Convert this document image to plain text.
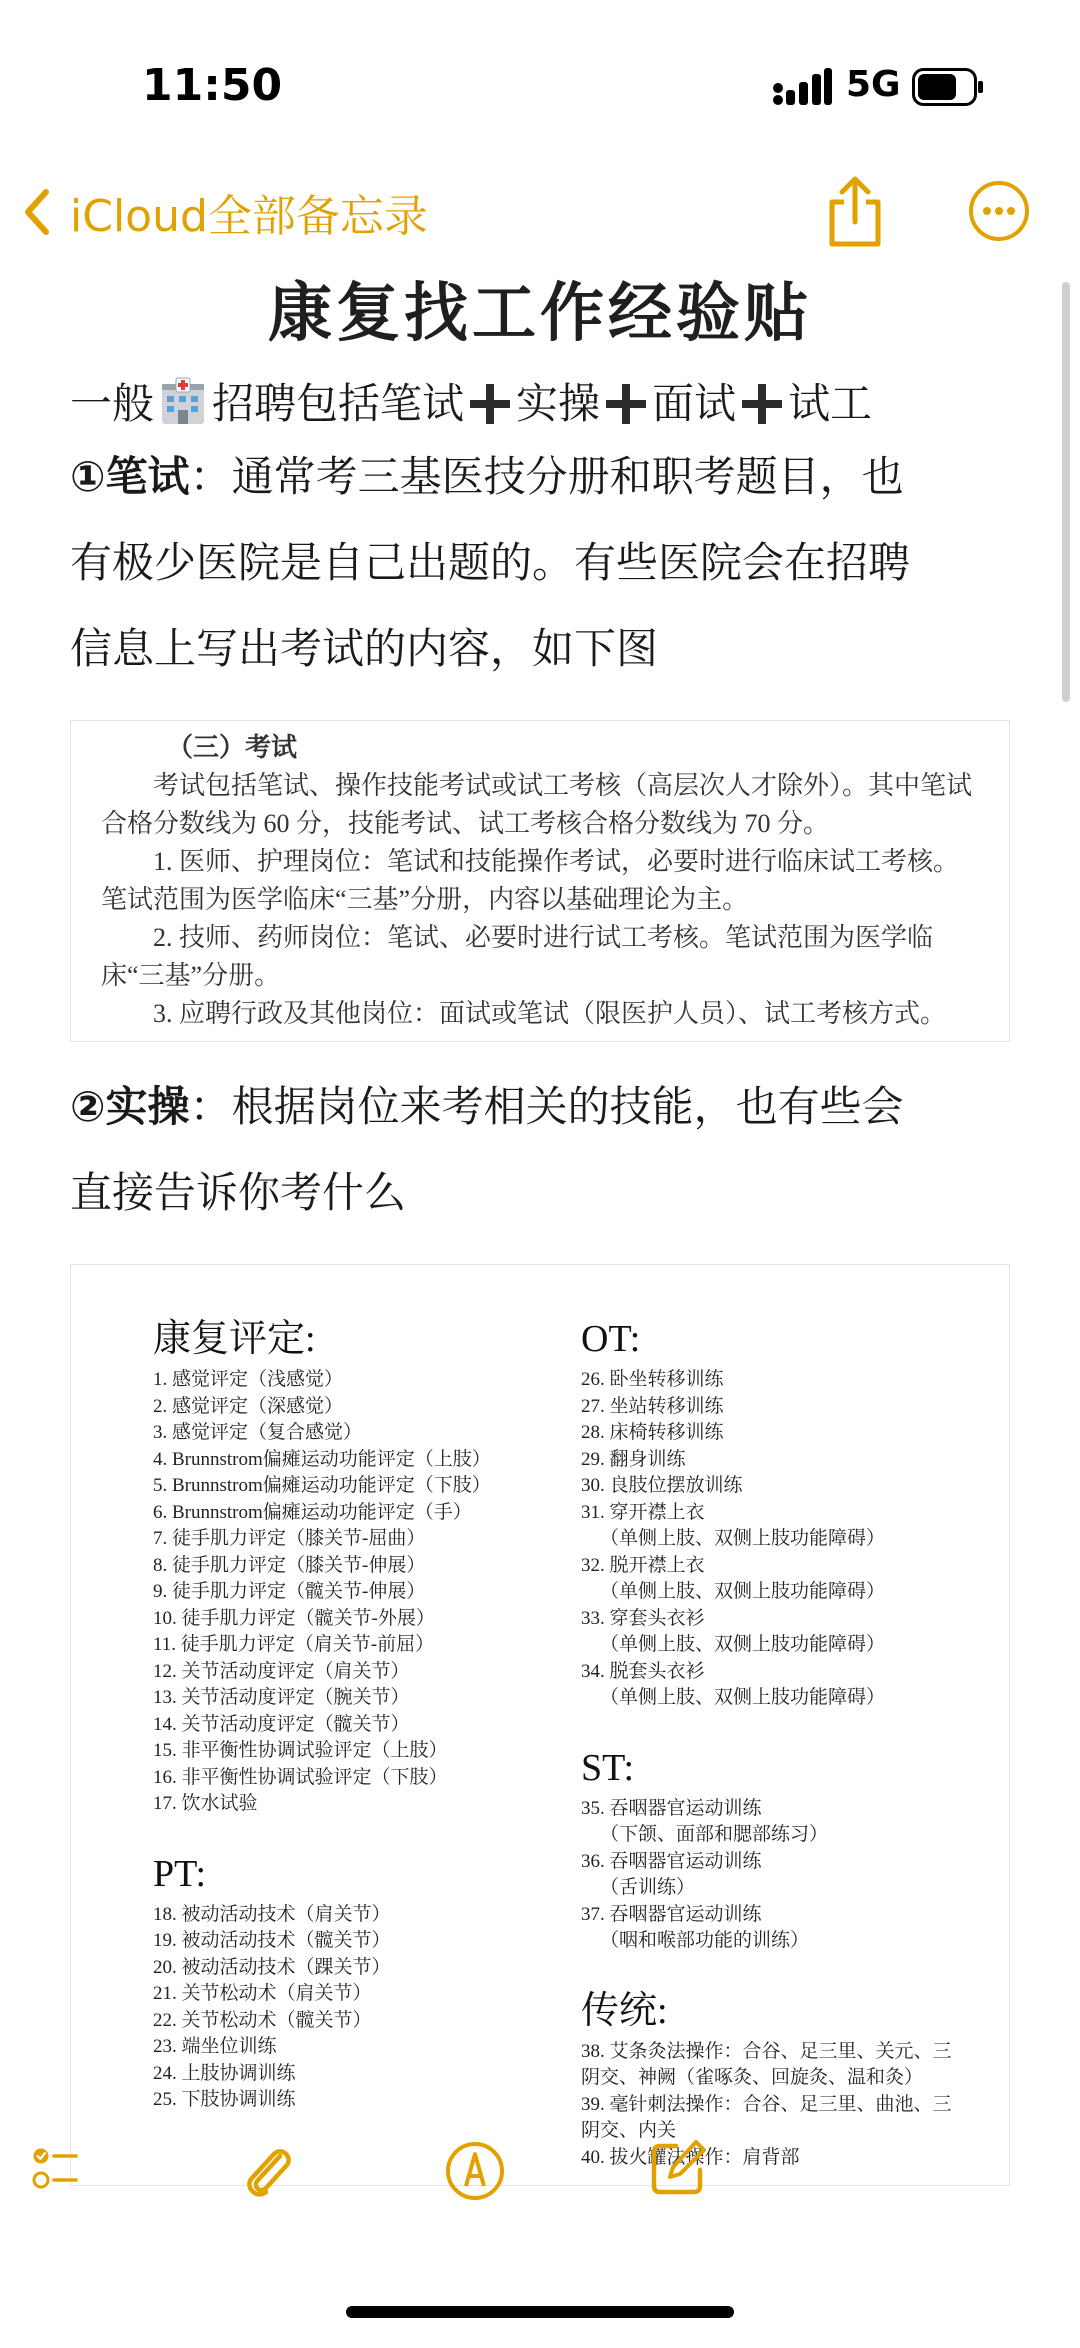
11:50	5G
iCloud全部备忘录
康复找工作经验贴

一般 招聘包括笔试 实操 面试 试工

①笔试：通常考三基医技分册和职考题目，也
有极少医院是自己出题的。有些医院会在招聘
信息上写出考试的内容，如下图
（三）考试

考试包括笔试、操作技能考试或试工考核（高层次人才除外）。其中笔试合格分数线为 60 分，技能考试、试工考核合格分数线为 70 分。

1. 医师、护理岗位：笔试和技能操作考试，必要时进行临床试工考核。笔试范围为医学临床“三基”分册，内容以基础理论为主。

2. 技师、药师岗位：笔试、必要时进行试工考核。笔试范围为医学临床“三基”分册。

3. 应聘行政及其他岗位：面试或笔试（限医护人员）、试工考核方式。

②实操：根据岗位来考相关的技能，也有些会
直接告诉你考什么
康复评定:

1. 感觉评定（浅感觉）

2. 感觉评定（深感觉）

3. 感觉评定（复合感觉）

4. Brunnstrom偏瘫运动功能评定（上肢）

5. Brunnstrom偏瘫运动功能评定（下肢）

6. Brunnstrom偏瘫运动功能评定（手）

7. 徒手肌力评定（膝关节-屈曲）

8. 徒手肌力评定（膝关节-伸展）

9. 徒手肌力评定（髋关节-伸展）

10. 徒手肌力评定（髋关节-外展）

11. 徒手肌力评定（肩关节-前屈）

12. 关节活动度评定（肩关节）

13. 关节活动度评定（腕关节）

14. 关节活动度评定（髋关节）

15. 非平衡性协调试验评定（上肢）

16. 非平衡性协调试验评定（下肢）

17. 饮水试验

PT:

18. 被动活动技术（肩关节）

19. 被动活动技术（髋关节）

20. 被动活动技术（踝关节）

21. 关节松动术（肩关节）

22. 关节松动术（髋关节）

23. 端坐位训练

24. 上肢协调训练

25. 下肢协调训练

OT:

26. 卧坐转移训练

27. 坐站转移训练

28. 床椅转移训练

29. 翻身训练

30. 良肢位摆放训练

31. 穿开襟上衣

（单侧上肢、双侧上肢功能障碍）

32. 脱开襟上衣

（单侧上肢、双侧上肢功能障碍）

33. 穿套头衣衫

（单侧上肢、双侧上肢功能障碍）

34. 脱套头衣衫

（单侧上肢、双侧上肢功能障碍）

ST:

35. 吞咽器官运动训练

（下颌、面部和腮部练习）

36. 吞咽器官运动训练

（舌训练）

37. 吞咽器官运动训练

（咽和喉部功能的训练）

传统:

38. 艾条灸法操作：合谷、足三里、关元、三

阴交、神阙（雀啄灸、回旋灸、温和灸）

39. 毫针刺法操作：合谷、足三里、曲池、三

阴交、内关

40. 拔火罐法操作：肩背部
